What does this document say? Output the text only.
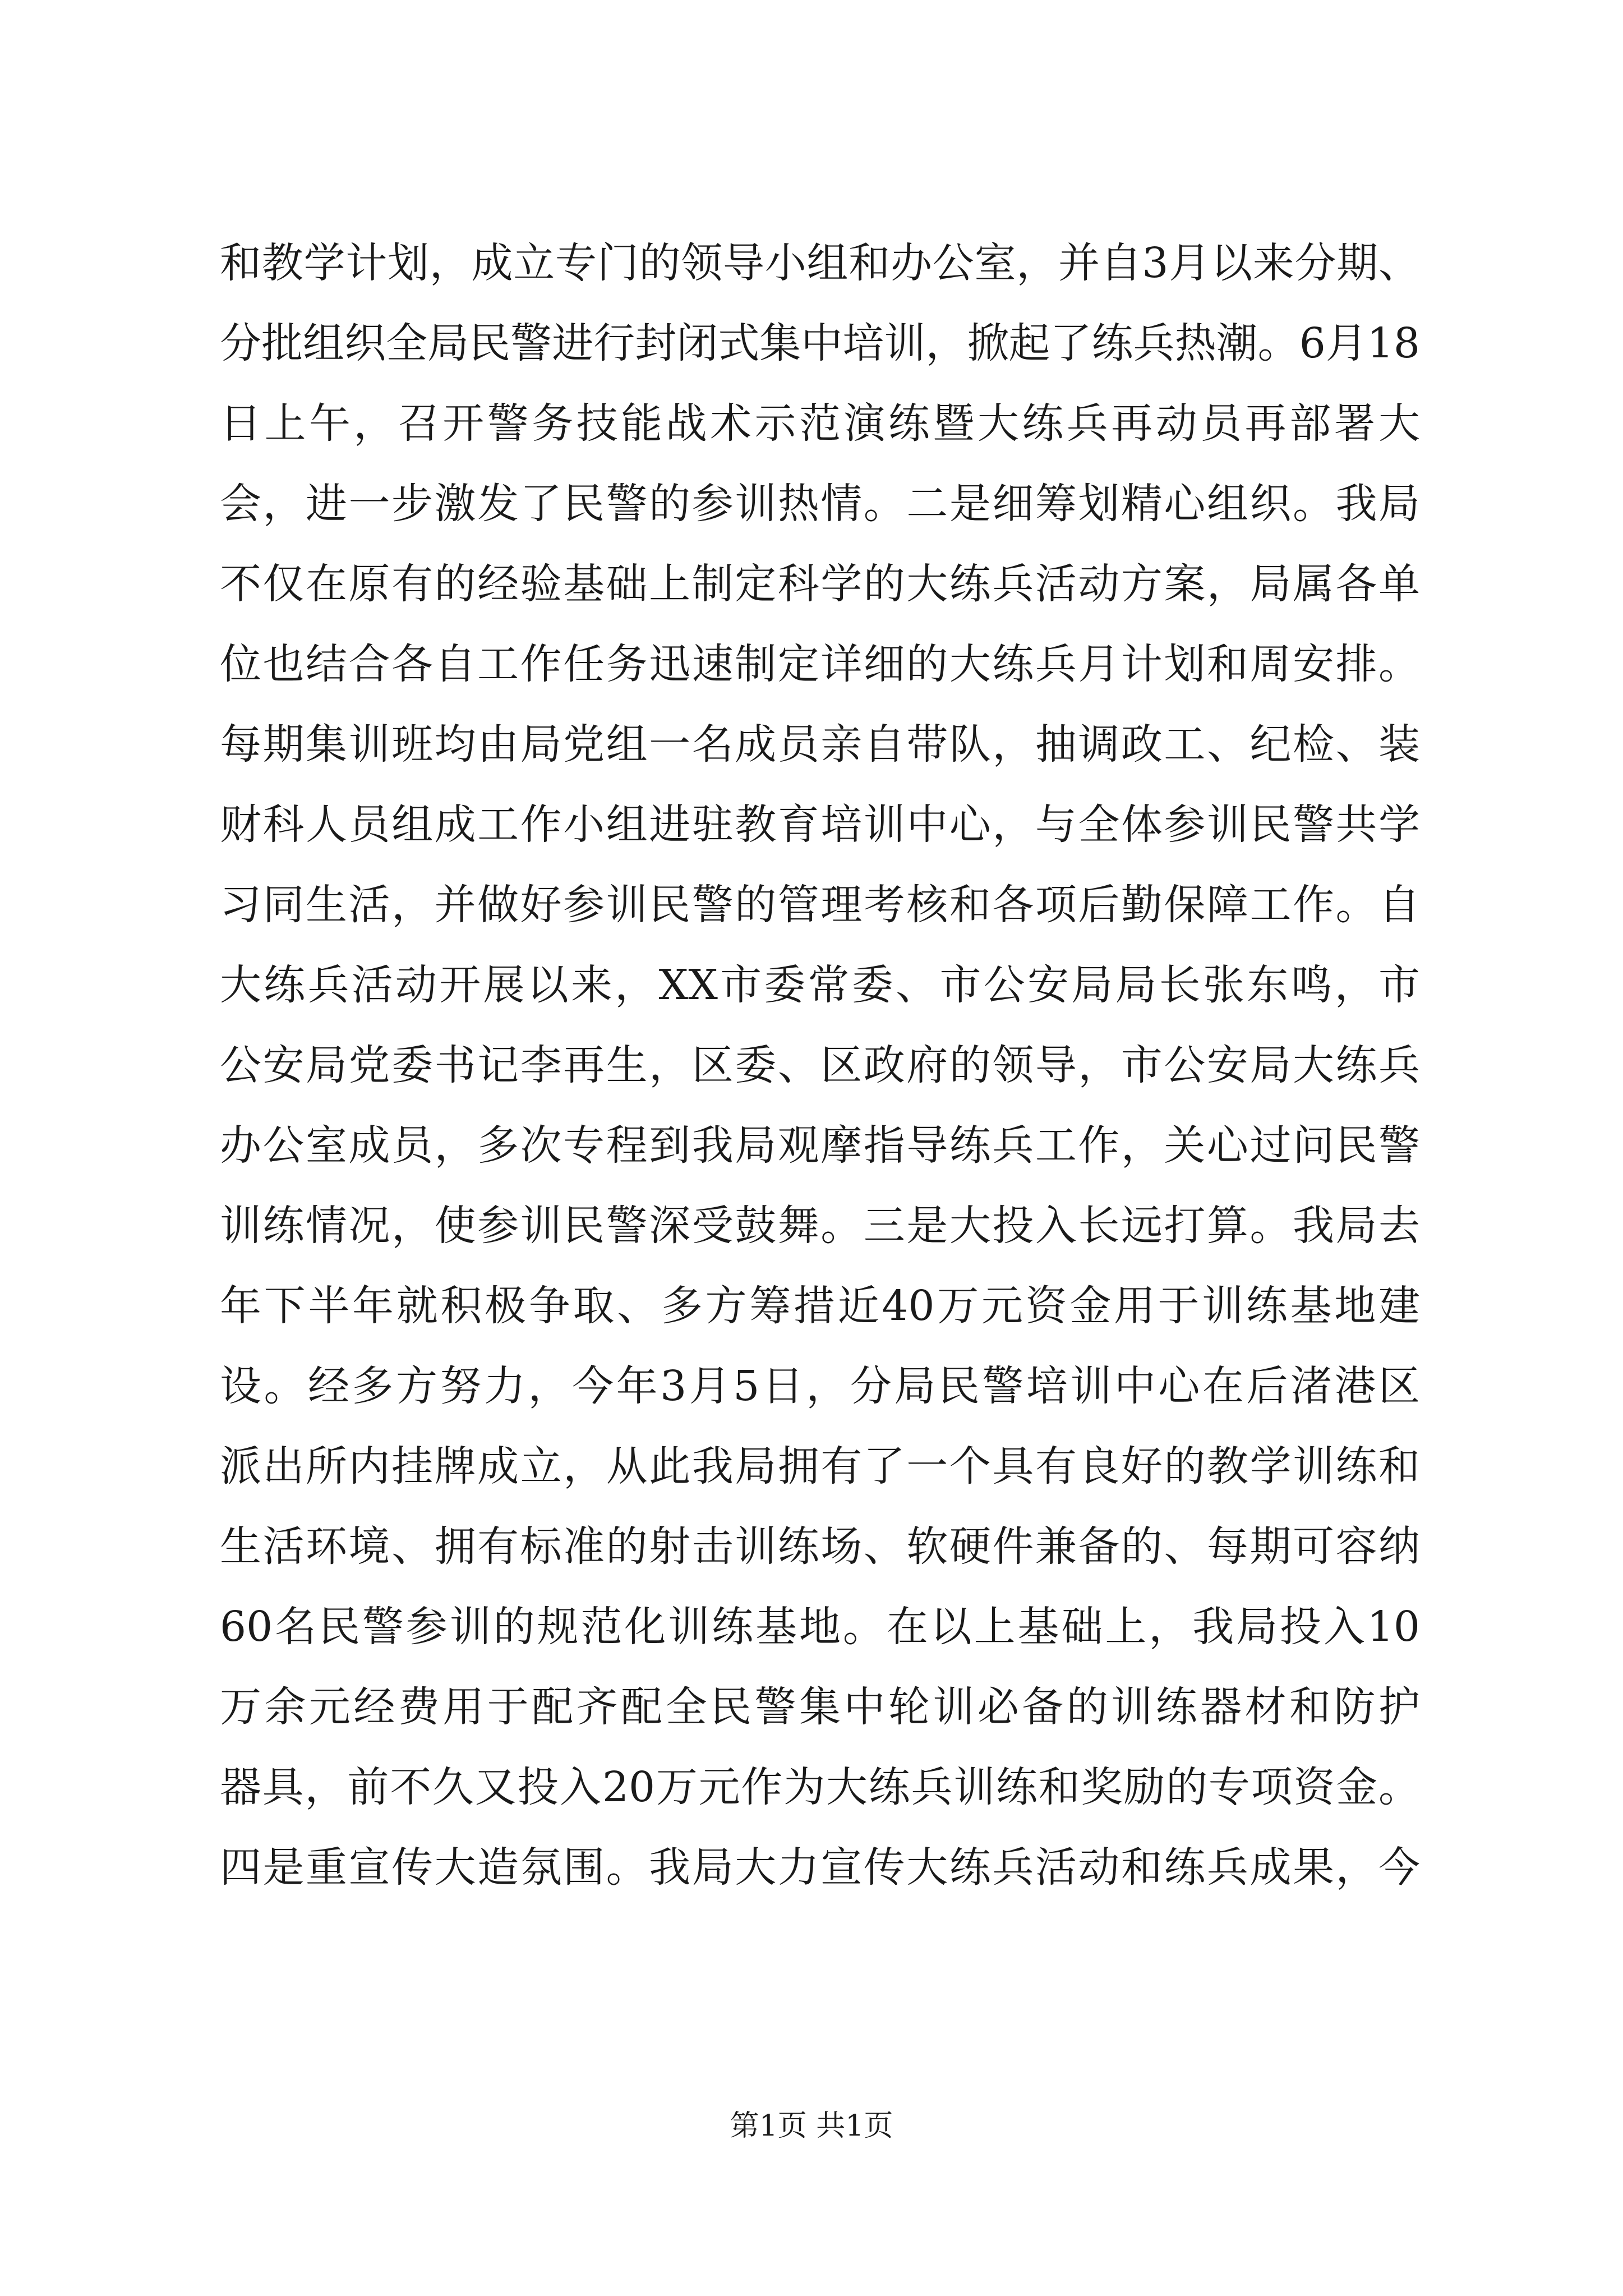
和教学计划，成立专门的领导小组和办公室，并自3月以来分期、
分批组织全局民警进行封闭式集中培训，掀起了练兵热潮。6月18
日上午，召开警务技能战术示范演练暨大练兵再动员再部署大
会，进一步激发了民警的参训热情。二是细筹划精心组织。我局
不仅在原有的经验基础上制定科学的大练兵活动方案，局属各单
位也结合各自工作任务迅速制定详细的大练兵月计划和周安排。
每期集训班均由局党组一名成员亲自带队，抽调政工、纪检、装
财科人员组成工作小组进驻教育培训中心，与全体参训民警共学
习同生活，并做好参训民警的管理考核和各项后勤保障工作。自
大练兵活动开展以来，XX市委常委、市公安局局长张东鸣，市
公安局党委书记李再生，区委、区政府的领导，市公安局大练兵
办公室成员，多次专程到我局观摩指导练兵工作，关心过问民警
训练情况，使参训民警深受鼓舞。三是大投入长远打算。我局去
年下半年就积极争取、多方筹措近40万元资金用于训练基地建
设。经多方努力，今年3月5日，分局民警培训中心在后渚港区
派出所内挂牌成立，从此我局拥有了一个具有良好的教学训练和
生活环境、拥有标准的射击训练场、软硬件兼备的、每期可容纳
60名民警参训的规范化训练基地。在以上基础上，我局投入10
万余元经费用于配齐配全民警集中轮训必备的训练器材和防护
器具，前不久又投入20万元作为大练兵训练和奖励的专项资金。
四是重宣传大造氛围。我局大力宣传大练兵活动和练兵成果，今
第1页 共1页
